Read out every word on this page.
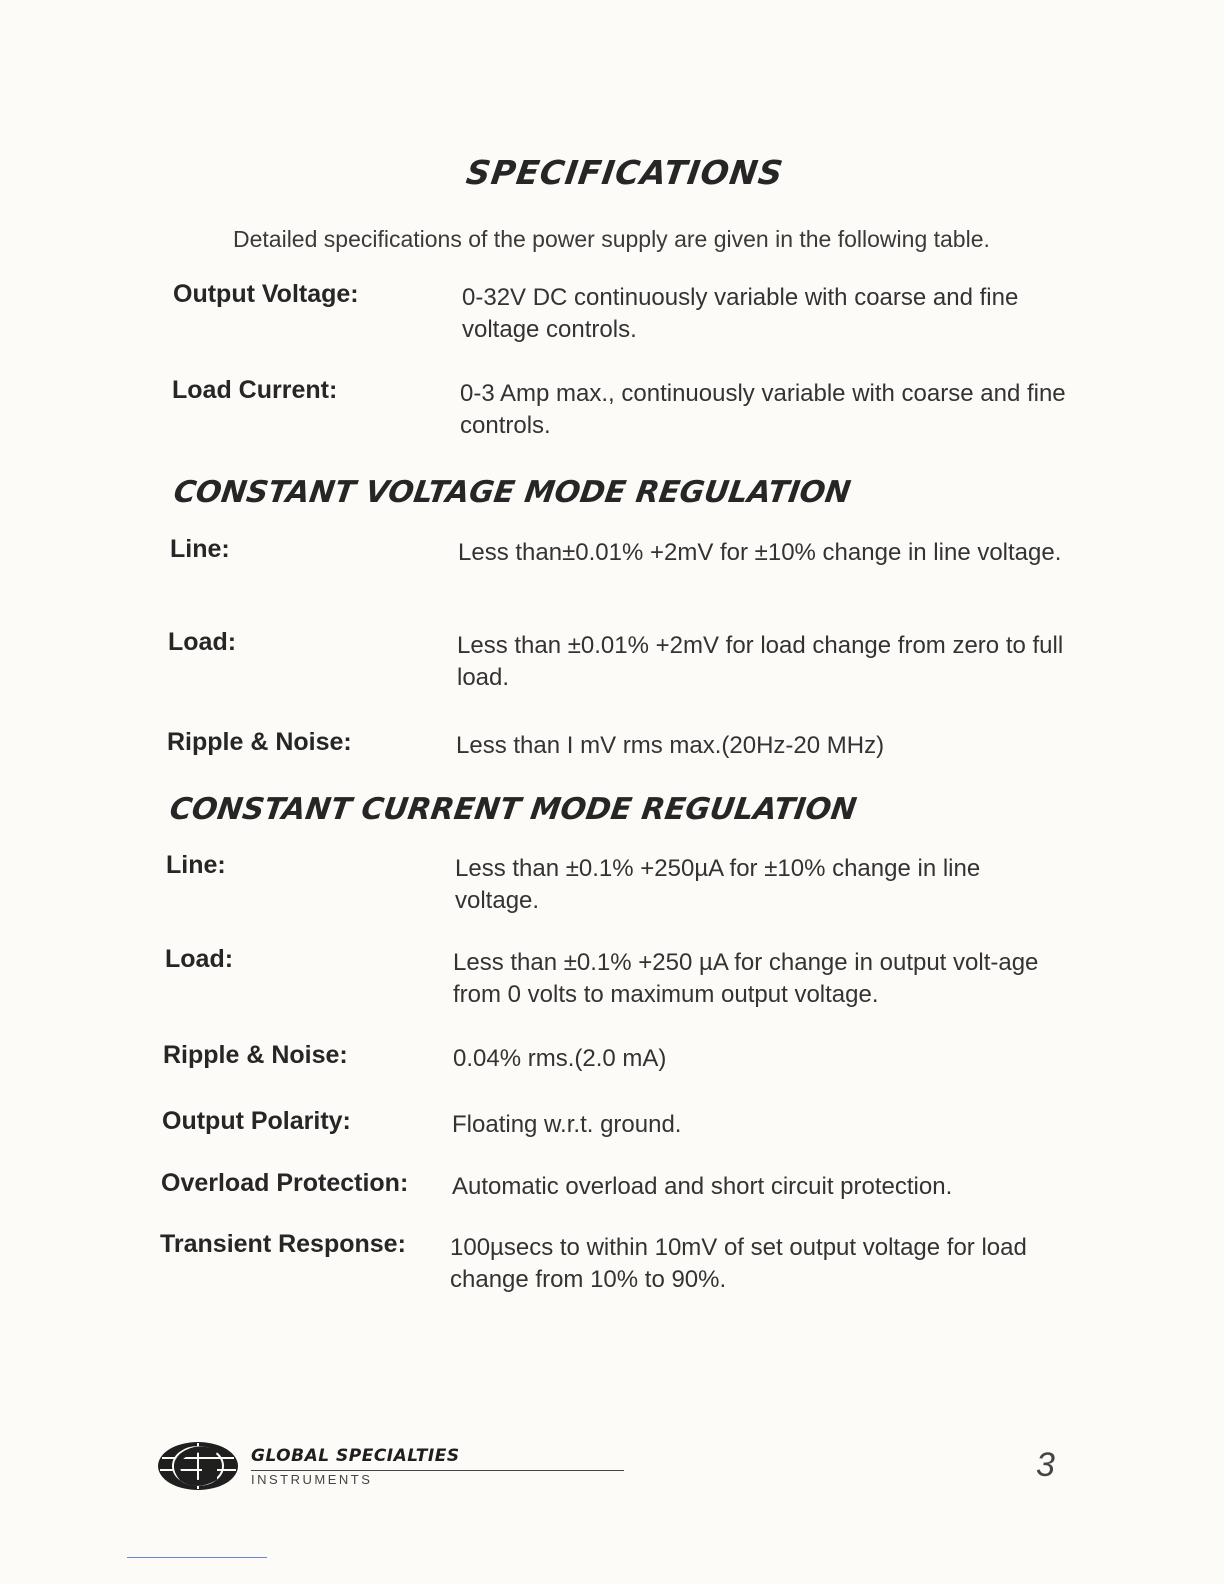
SPECIFICATIONS
Detailed specifications of the power supply are given in the following table.
Output Voltage:	0-32V DC continuously variable with coarse and fine voltage controls.
Load Current:	0-3 Amp max., continuously variable with coarse and fine controls.
CONSTANT VOLTAGE MODE REGULATION
Line:	Less than±0.01% +2mV for ±10% change in line voltage.
Load:	Less than ±0.01% +2mV for load change from zero to full load.
Ripple & Noise:	Less than I mV rms max.(20Hz-20 MHz)
CONSTANT CURRENT MODE REGULATION
Line:	Less than ±0.1% +250µA for ±10% change in line voltage.
Load:	Less than ±0.1% +250 µA for change in output volt-age from 0 volts to maximum output voltage.
Ripple & Noise:	0.04% rms.(2.0 mA)
Output Polarity:	Floating w.r.t. ground.
Overload Protection: Automatic overload and short circuit protection.
Transient Response: 100µsecs to within 10mV of set output voltage for load change from 10% to 90%.
GLOBAL SPECIALTIES
INSTRUMENTS	3
